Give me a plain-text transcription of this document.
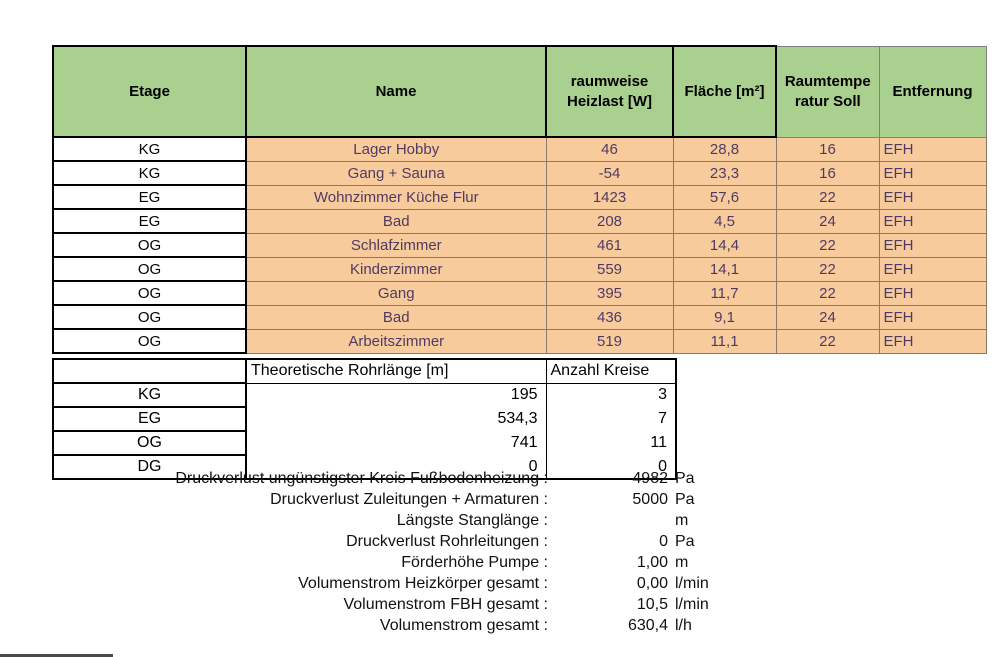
Etage	Name	raumweise Heizlast [W]	Fläche [m²]	Raumtemperatur Soll	Entfernung
KG	Lager Hobby	46	28,8	16	EFH
KG	Gang + Sauna	-54	23,3	16	EFH
EG	Wohnzimmer Küche Flur	1423	57,6	22	EFH
EG	Bad	208	4,5	24	EFH
OG	Schlafzimmer	461	14,4	22	EFH
OG	Kinderzimmer	559	14,1	22	EFH
OG	Gang	395	11,7	22	EFH
OG	Bad	436	9,1	24	EFH
OG	Arbeitszimmer	519	11,1	22	EFH
	Theoretische Rohrlänge [m]	Anzahl Kreise
KG	195	3
EG	534,3	7
OG	741	11
DG	0	0
Druckverlust ungünstigster Kreis Fußbodenheizung :	4982 Pa
Druckverlust Zuleitungen + Armaturen :	5000 Pa
Längste Stanglänge :	m
Druckverlust Rohrleitungen :	0 Pa
Förderhöhe Pumpe :	1,00 m
Volumenstrom Heizkörper gesamt :	0,00 l/min
Volumenstrom FBH gesamt :	10,5 l/min
Volumenstrom gesamt :	630,4 l/h
